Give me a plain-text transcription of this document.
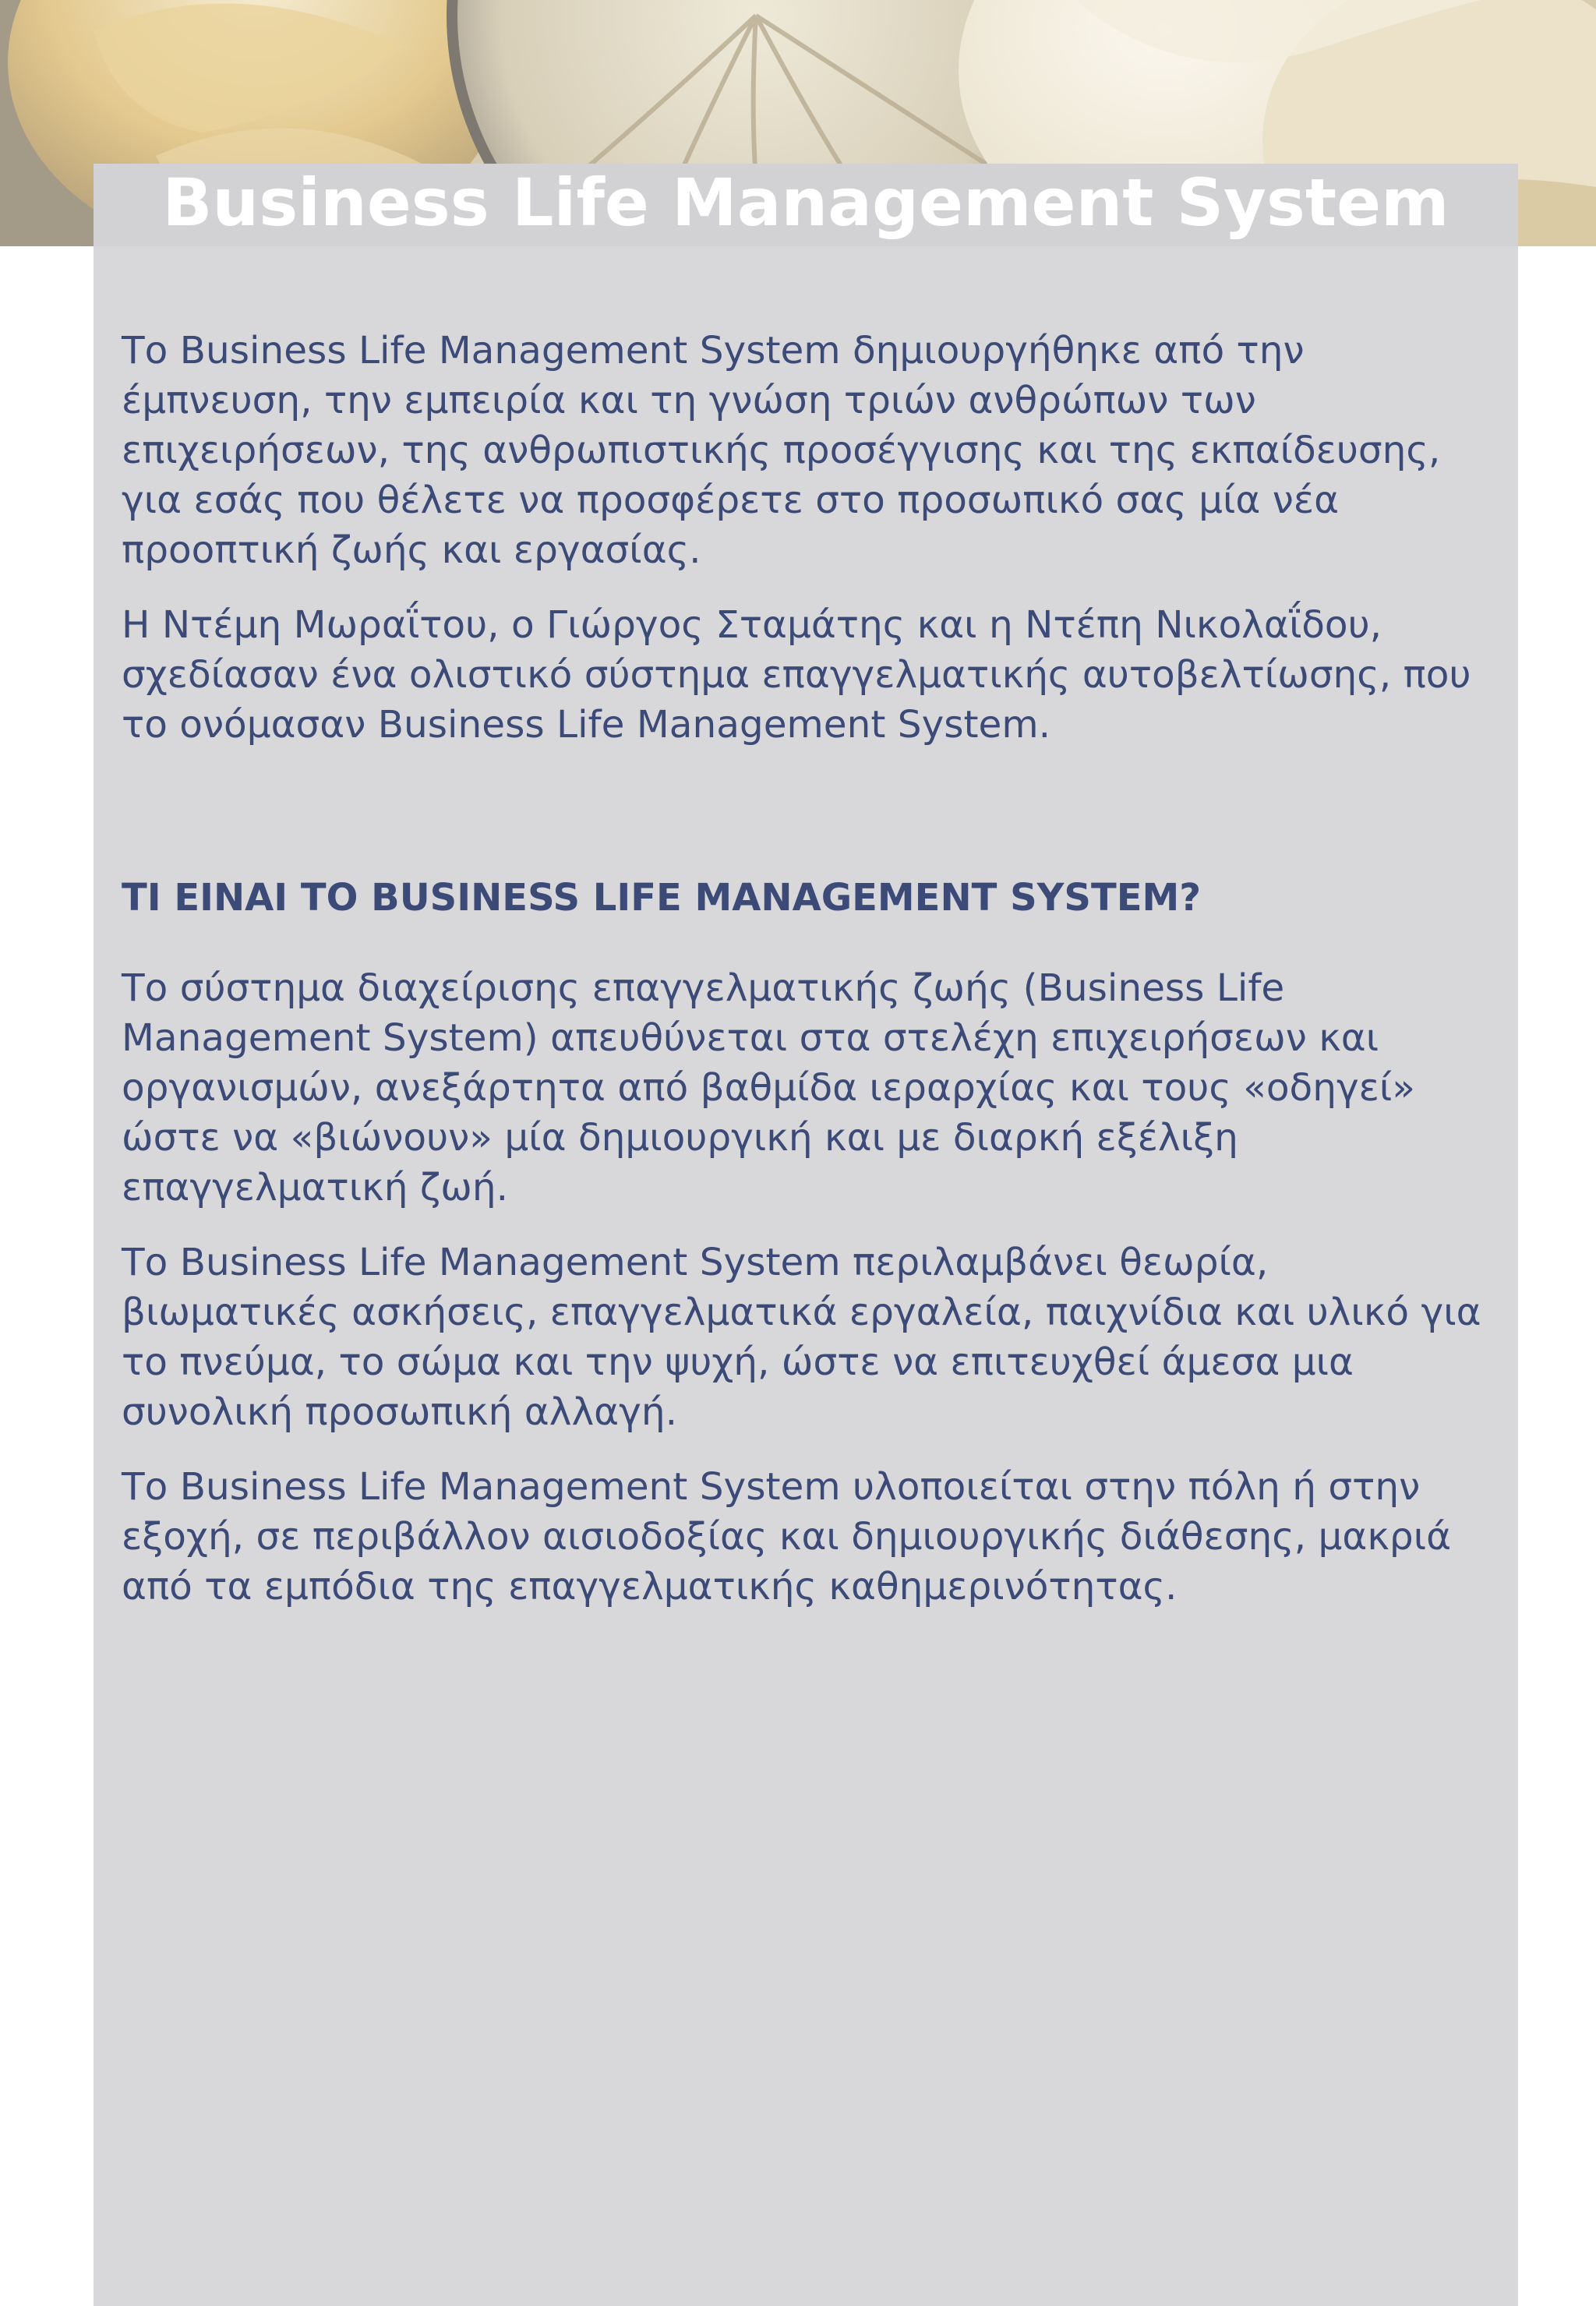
Business Life Management System

Το Business Life Management System δημιουργήθηκε από την έμπνευση, την εμπειρία και τη γνώση τριών ανθρώπων των επιχειρήσεων, της ανθρωπιστικής προσέγγισης και της εκπαίδευσης, για εσάς που θέλετε να προσφέρετε στο προσωπικό σας μία νέα προοπτική ζωής και εργασίας.

Η Ντέμη Μωραΐτου, ο Γιώργος Σταμάτης και η Ντέπη Νικολαΐδου, σχεδίασαν ένα ολιστικό σύστημα επαγγελματικής αυτοβελτίωσης, που το ονόμασαν Business Life Management System.

ΤΙ ΕΙΝΑΙ ΤΟ BUSINESS LIFE MANAGEMENT SYSTEM?

Το σύστημα διαχείρισης επαγγελματικής ζωής (Business Life Management System) απευθύνεται στα στελέχη επιχειρήσεων και οργανισμών, ανεξάρτητα από βαθμίδα ιεραρχίας και τους «οδηγεί» ώστε να «βιώνουν» μία δημιουργική και με διαρκή εξέλιξη επαγγελματική ζωή.

Το Business Life Management System περιλαμβάνει θεωρία, βιωματικές ασκήσεις, επαγγελματικά εργαλεία, παιχνίδια και υλικό για το πνεύμα, το σώμα και την ψυχή, ώστε να επιτευχθεί άμεσα μια συνολική προσωπική αλλαγή.

Το Business Life Management System υλοποιείται στην πόλη ή στην εξοχή, σε περιβάλλον αισιοδοξίας και δημιουργικής διάθεσης, μακριά από τα εμπόδια της επαγγελματικής καθημερινότητας.
